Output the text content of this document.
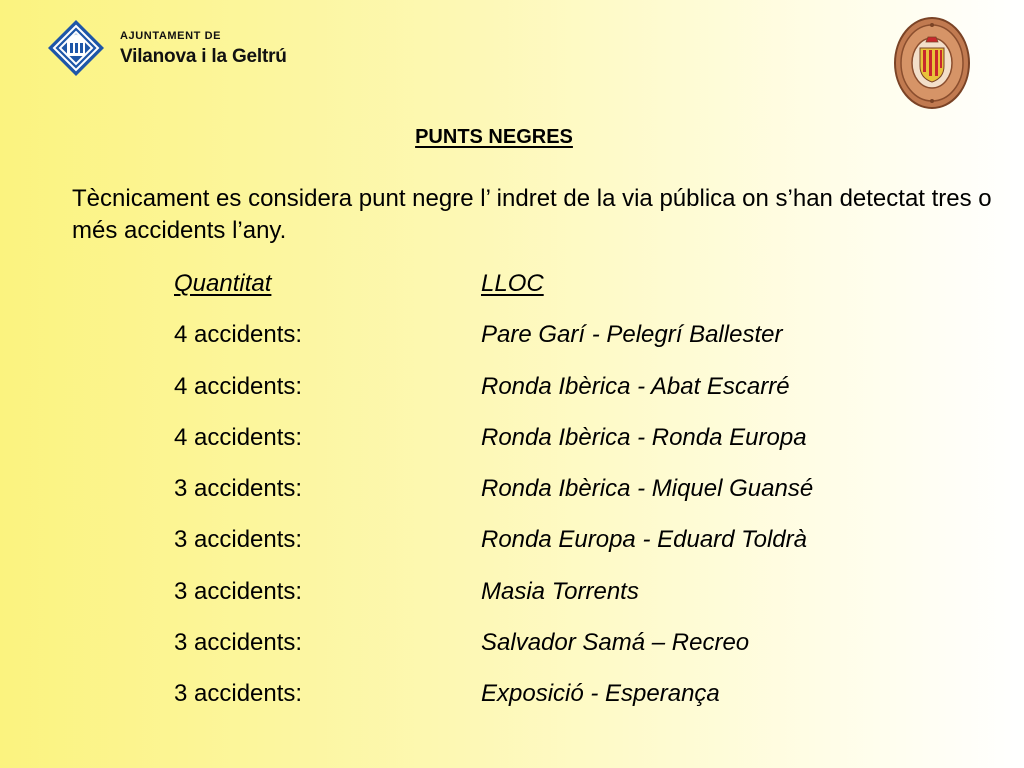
AJUNTAMENT DE
Vilanova i la Geltrú
PUNTS NEGRES
Tècnicament es considera punt negre l’ indret de la via pública on s’han detectat tres o més accidents l’any.
Quantitat	LLOC
4 accidents:	Pare Garí - Pelegrí Ballester
4 accidents:	Ronda Ibèrica - Abat Escarré
4 accidents:	Ronda Ibèrica - Ronda Europa
3 accidents:	Ronda Ibèrica - Miquel Guansé
3 accidents:	Ronda Europa - Eduard Toldrà
3 accidents:	Masia Torrents
3 accidents:	Salvador Samá – Recreo
3 accidents:	Exposició - Esperança
